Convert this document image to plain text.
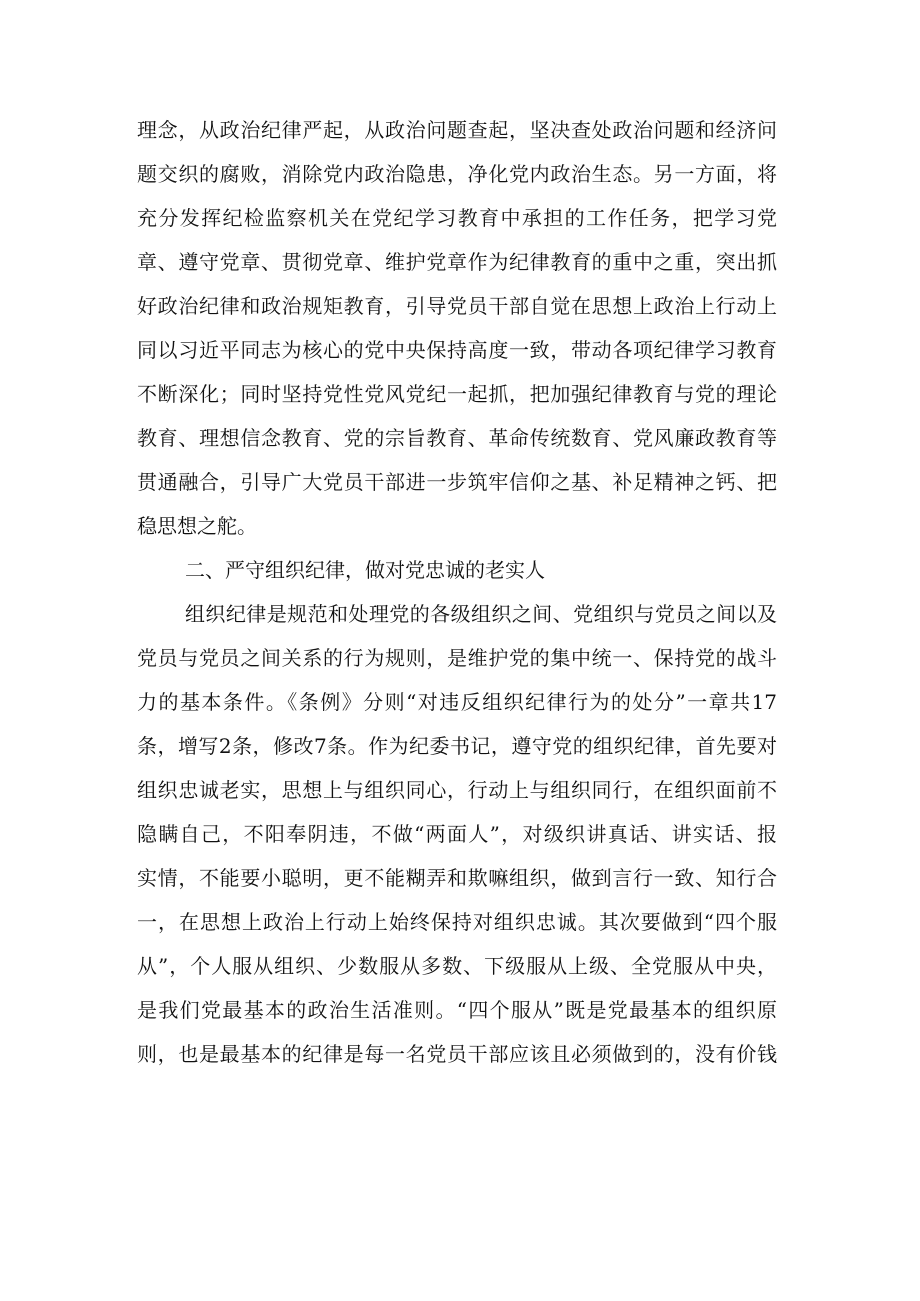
理念，从政治纪律严起，从政治问题查起，坚决查处政治问题和经济问
题交织的腐败，消除党内政治隐患，净化党内政治生态。另一方面，将
充分发挥纪检监察机关在党纪学习教育中承担的工作任务，把学习党
章、遵守党章、贯彻党章、维护党章作为纪律教育的重中之重，突出抓
好政治纪律和政治规矩教育，引导党员干部自觉在思想上政治上行动上
同以习近平同志为核心的党中央保持高度一致，带动各项纪律学习教育
不断深化；同时坚持党性党风党纪一起抓，把加强纪律教育与党的理论
教育、理想信念教育、党的宗旨教育、革命传统数育、党风廉政教育等
贯通融合，引导广大党员干部进一步筑牢信仰之基、补足精神之钙、把
稳思想之舵。
二、严守组织纪律，做对党忠诚的老实人
组织纪律是规范和处理党的各级组织之间、党组织与党员之间以及
党员与党员之间关系的行为规则，是维护党的集中统一、保持党的战斗
力的基本条件。《条例》分则“对违反组织纪律行为的处分”一章共17
条，增写2条，修改7条。作为纪委书记，遵守党的组织纪律，首先要对
组织忠诚老实，思想上与组织同心，行动上与组织同行，在组织面前不
隐瞒自己，不阳奉阴违，不做“两面人”，对级织讲真话、讲实话、报
实情，不能要小聪明，更不能糊弄和欺嘛组织，做到言行一致、知行合
一，在思想上政治上行动上始终保持对组织忠诚。其次要做到“四个服
从”，个人服从组织、少数服从多数、下级服从上级、全党服从中央，
是我们党最基本的政治生活准则。“四个服从”既是党最基本的组织原
则，也是最基本的纪律是每一名党员干部应该且必须做到的，没有价钱
